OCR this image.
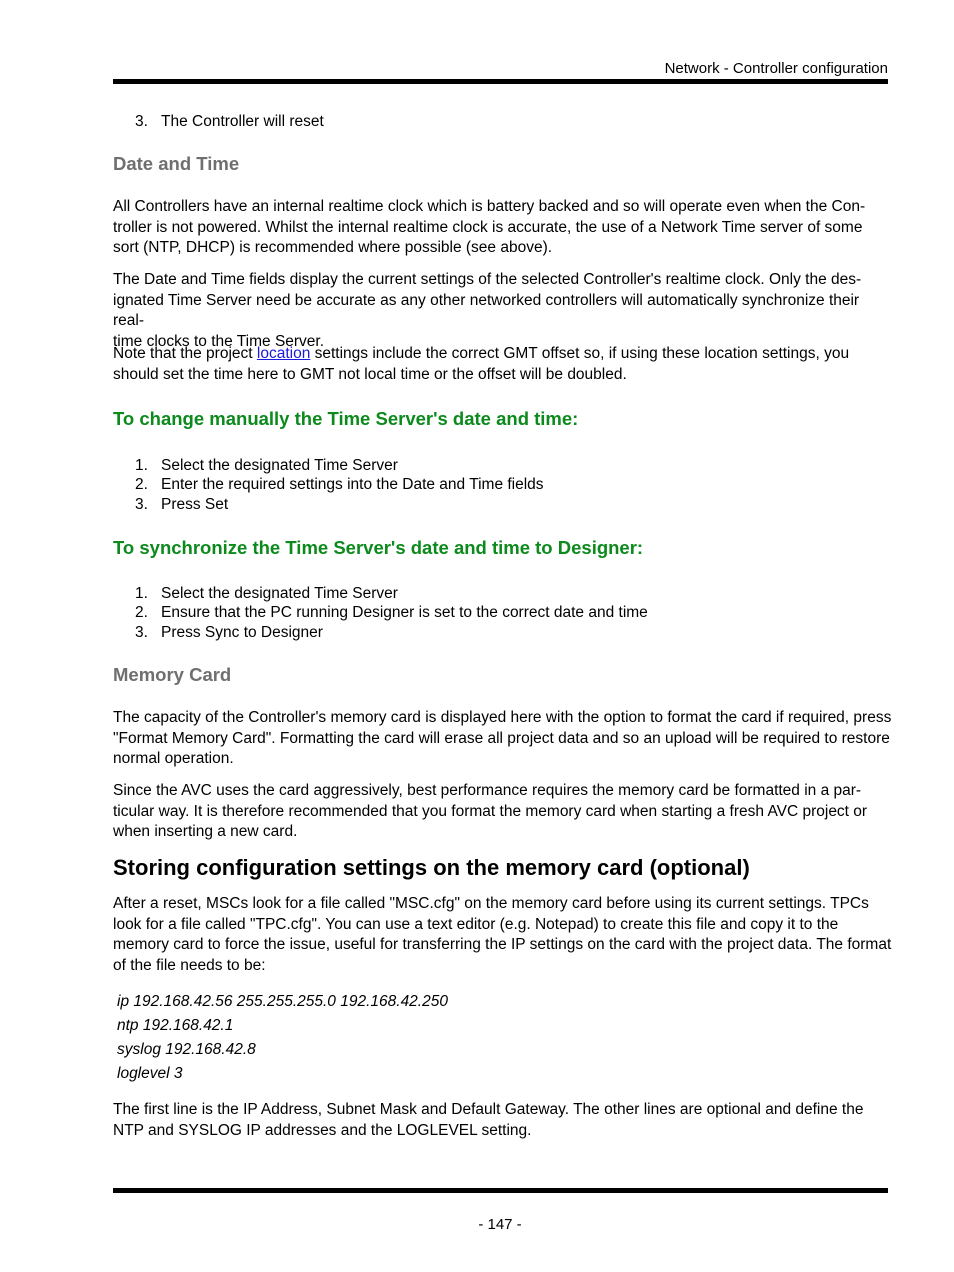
Network - Controller configuration
3. The Controller will reset
Date and Time

All Controllers have an internal realtime clock which is battery backed and so will operate even when the Con-
troller is not powered. Whilst the internal realtime clock is accurate, the use of a Network Time server of some
sort (NTP, DHCP) is recommended where possible (see above).

The Date and Time fields display the current settings of the selected Controller's realtime clock. Only the des-
ignated Time Server need be accurate as any other networked controllers will automatically synchronize their real-
time clocks to the Time Server.

Note that the project location settings include the correct GMT offset so, if using these location settings, you
should set the time here to GMT not local time or the offset will be doubled.

To change manually the Time Server's date and time:
1. Select the designated Time Server
2. Enter the required settings into the Date and Time fields
3. Press Set
To synchronize the Time Server's date and time to Designer:
1. Select the designated Time Server
2. Ensure that the PC running Designer is set to the correct date and time
3. Press Sync to Designer
Memory Card

The capacity of the Controller's memory card is displayed here with the option to format the card if required, press
"Format Memory Card". Formatting the card will erase all project data and so an upload will be required to restore
normal operation.

Since the AVC uses the card aggressively, best performance requires the memory card be formatted in a par-
ticular way. It is therefore recommended that you format the memory card when starting a fresh AVC project or
when inserting a new card.

Storing configuration settings on the memory card (optional)

After a reset, MSCs look for a file called "MSC.cfg" on the memory card before using its current settings. TPCs
look for a file called "TPC.cfg". You can use a text editor (e.g. Notepad) to create this file and copy it to the
memory card to force the issue, useful for transferring the IP settings on the card with the project data. The format
of the file needs to be:

ip 192.168.42.56 255.255.255.0 192.168.42.250
ntp 192.168.42.1
syslog 192.168.42.8
loglevel 3

The first line is the IP Address, Subnet Mask and Default Gateway. The other lines are optional and define the
NTP and SYSLOG IP addresses and the LOGLEVEL setting.

- 147 -
